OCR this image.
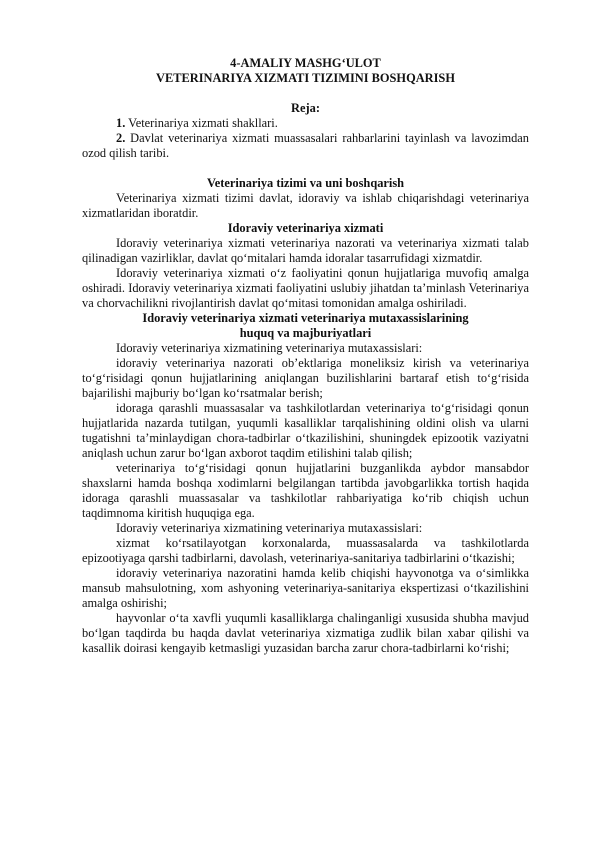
4-AMALIY MASHG‘ULOT

VETERINARIYA XIZMATI TIZIMINI BOSHQARISH

Reja:

1. Veterinariya xizmati shakllari.

2. Davlat veterinariya xizmati muassasalari rahbarlarini tayinlash va lavozimdan ozod qilish taribi.

Veterinariya tizimi va uni boshqarish

Veterinariya xizmati tizimi davlat, idoraviy va ishlab chiqarishdagi veterinariya xizmatlaridan iboratdir.

Idoraviy veterinariya xizmati

Idoraviy veterinariya xizmati veterinariya nazorati va veterinariya xizmati talab qilinadigan vazirliklar, davlat qo‘mitalari hamda idoralar tasarrufidagi xizmatdir.

Idoraviy veterinariya xizmati o‘z faoliyatini qonun hujjatlariga muvofiq amalga oshiradi. Idoraviy veterinariya xizmati faoliyatini uslubiy jihatdan ta’minlash Veterinariya va chorvachilikni rivojlantirish davlat qo‘mitasi tomonidan amalga oshiriladi.

Idoraviy veterinariya xizmati veterinariya mutaxassislarining

huquq va majburiyatlari

Idoraviy veterinariya xizmatining veterinariya mutaxassislari:

idoraviy veterinariya nazorati ob’ektlariga moneliksiz kirish va veterinariya to‘g‘risidagi qonun hujjatlarining aniqlangan buzilishlarini bartaraf etish to‘g‘risida bajarilishi majburiy bo‘lgan ko‘rsatmalar berish;

idoraga qarashli muassasalar va tashkilotlardan veterinariya to‘g‘risidagi qonun hujjatlarida nazarda tutilgan, yuqumli kasalliklar tarqalishining oldini olish va ularni tugatishni ta’minlaydigan chora-tadbirlar o‘tkazilishini, shuningdek epizootik vaziyatni aniqlash uchun zarur bo‘lgan axborot taqdim etilishini talab qilish;

veterinariya to‘g‘risidagi qonun hujjatlarini buzganlikda aybdor mansabdor shaxslarni hamda boshqa xodimlarni belgilangan tartibda javobgarlikka tortish haqida idoraga qarashli muassasalar va tashkilotlar rahbariyatiga ko‘rib chiqish uchun taqdimnoma kiritish huquqiga ega.

Idoraviy veterinariya xizmatining veterinariya mutaxassislari:

xizmat ko‘rsatilayotgan korxonalarda, muassasalarda va tashkilotlarda epizootiyaga qarshi tadbirlarni, davolash, veterinariya-sanitariya tadbirlarini o‘tkazishi;

idoraviy veterinariya nazoratini hamda kelib chiqishi hayvonotga va o‘simlikka mansub mahsulotning, xom ashyoning veterinariya-sanitariya ekspertizasi o‘tkazilishini amalga oshirishi;

hayvonlar o‘ta xavfli yuqumli kasalliklarga chalinganligi xususida shubha mavjud bo‘lgan taqdirda bu haqda davlat veterinariya xizmatiga zudlik bilan xabar qilishi va kasallik doirasi kengayib ketmasligi yuzasidan barcha zarur chora-tadbirlarni ko‘rishi;
